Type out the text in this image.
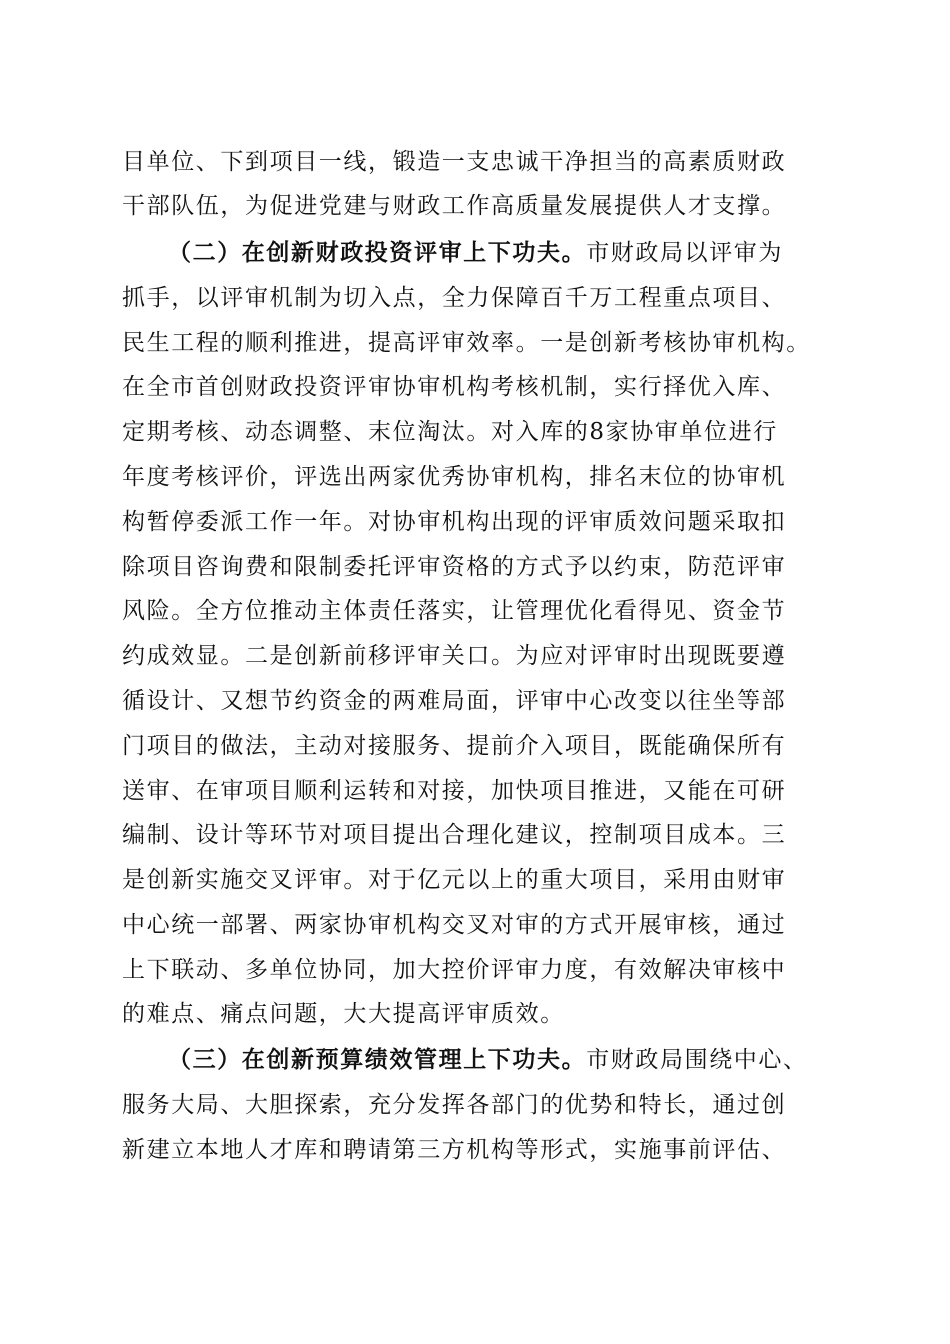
目单位、下到项目一线，锻造一支忠诚干净担当的高素质财政
干部队伍，为促进党建与财政工作高质量发展提供人才支撑。
（二）在创新财政投资评审上下功夫。市财政局以评审为
抓手，以评审机制为切入点，全力保障百千万工程重点项目、
民生工程的顺利推进，提高评审效率。一是创新考核协审机构。
在全市首创财政投资评审协审机构考核机制，实行择优入库、
定期考核、动态调整、末位淘汰。对入库的8家协审单位进行
年度考核评价，评选出两家优秀协审机构，排名末位的协审机
构暂停委派工作一年。对协审机构出现的评审质效问题采取扣
除项目咨询费和限制委托评审资格的方式予以约束，防范评审
风险。全方位推动主体责任落实，让管理优化看得见、资金节
约成效显。二是创新前移评审关口。为应对评审时出现既要遵
循设计、又想节约资金的两难局面，评审中心改变以往坐等部
门项目的做法，主动对接服务、提前介入项目，既能确保所有
送审、在审项目顺利运转和对接，加快项目推进，又能在可研
编制、设计等环节对项目提出合理化建议，控制项目成本。三
是创新实施交叉评审。对于亿元以上的重大项目，采用由财审
中心统一部署、两家协审机构交叉对审的方式开展审核，通过
上下联动、多单位协同，加大控价评审力度，有效解决审核中
的难点、痛点问题，大大提高评审质效。
（三）在创新预算绩效管理上下功夫。市财政局围绕中心、
服务大局、大胆探索，充分发挥各部门的优势和特长，通过创
新建立本地人才库和聘请第三方机构等形式，实施事前评估、
